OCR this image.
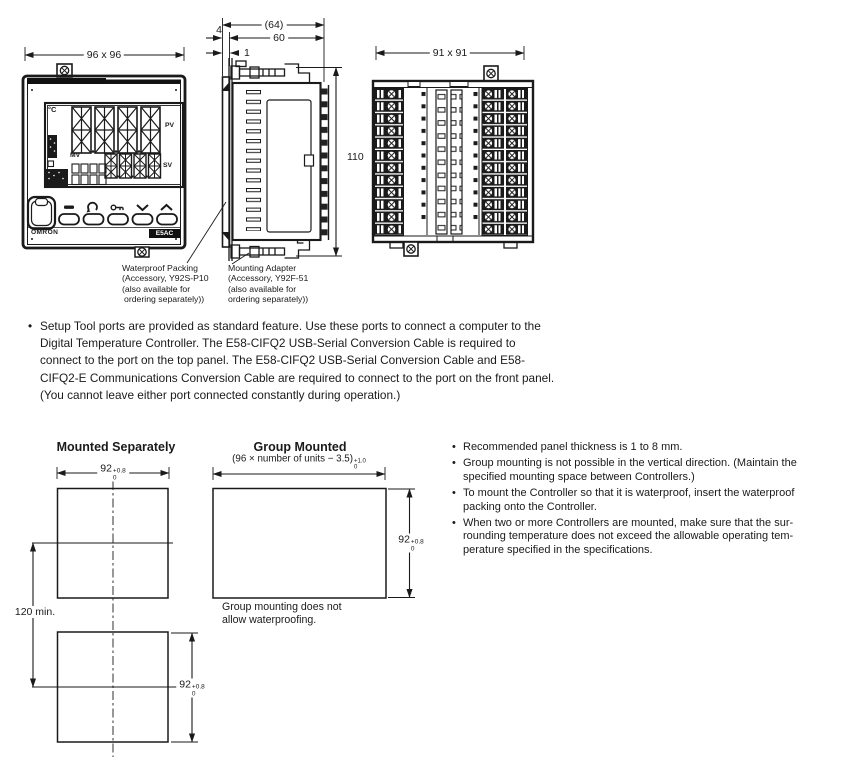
96 x 96
(64)
60
4
1
110
91 x 91
92 +0.8
0
92 +0.8
0
92 +0.8
0
120 min.
Mounted Separately	Group Mounted
(96 × number of units − 3.5) +1.0
0
Group mounting does not
allow waterproofing.
Waterproof Packing
(Accessory, Y92S-P10
(also available for
ordering separately))
Mounting Adapter
(Accessory, Y92F-51
(also available for
ordering separately))
°C
PV
MV
SV
OMRON	E5AC
• Setup Tool ports are provided as standard feature. Use these ports to connect a computer to the
Digital Temperature Controller. The E58-CIFQ2 USB-Serial Conversion Cable is required to
connect to the port on the top panel. The E58-CIFQ2 USB-Serial Conversion Cable and E58-
CIFQ2-E Communications Conversion Cable are required to connect to the port on the front panel.
(You cannot leave either port connected constantly during operation.)
• Recommended panel thickness is 1 to 8 mm.
• Group mounting is not possible in the vertical direction. (Maintain the
specified mounting space between Controllers.)
• To mount the Controller so that it is waterproof, insert the waterproof
packing onto the Controller.
• When two or more Controllers are mounted, make sure that the sur-
rounding temperature does not exceed the allowable operating tem-
perature specified in the specifications.
